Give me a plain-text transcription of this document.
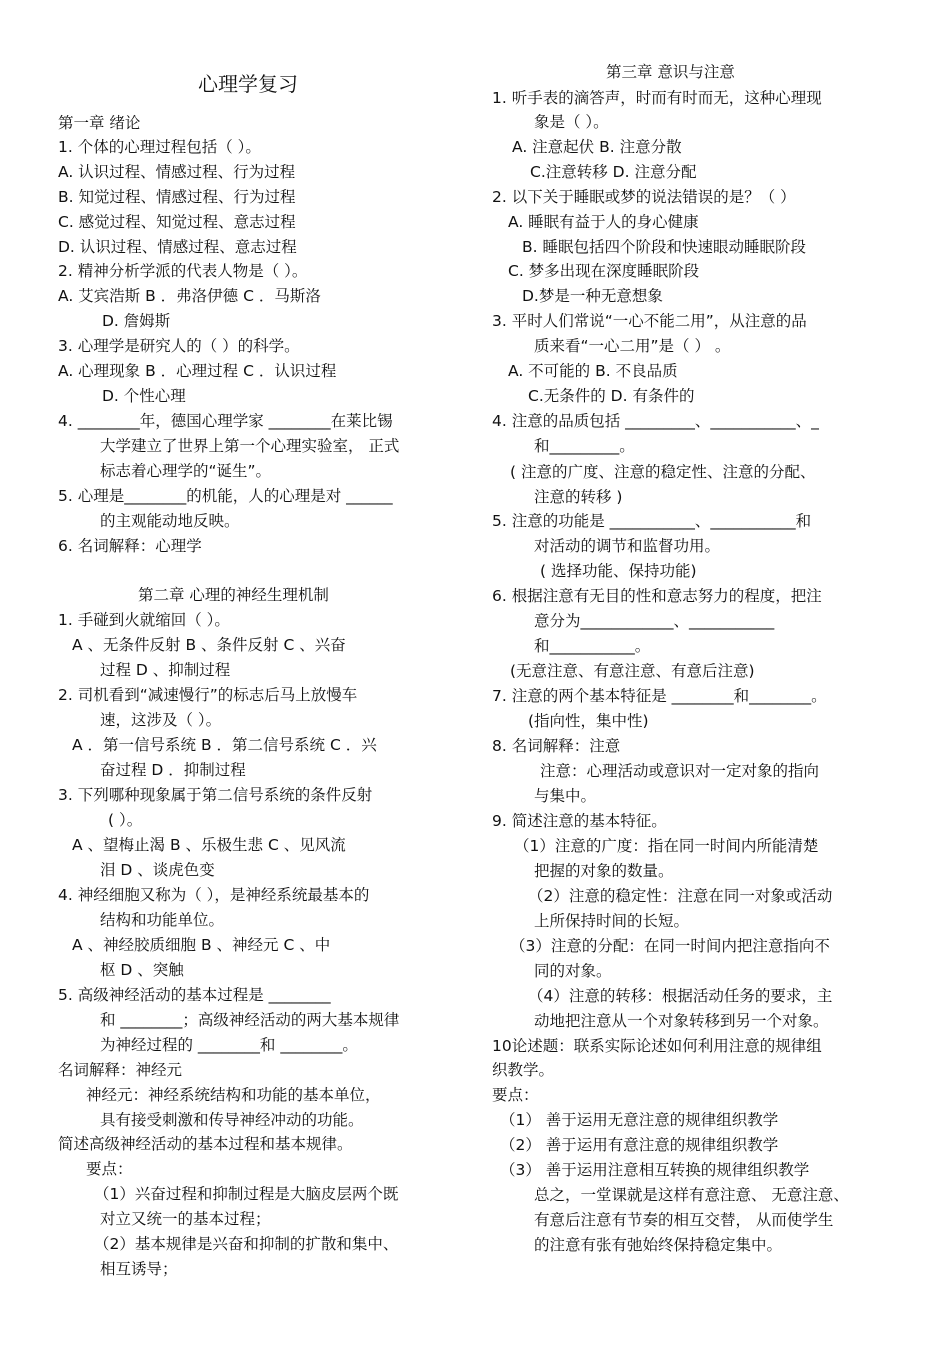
心理学复习
第一章 绪论
1. 个体的心理过程包括（ ）。
A. 认识过程、情感过程、行为过程
B. 知觉过程、情感过程、行为过程
C. 感觉过程、知觉过程、意志过程
D. 认识过程、情感过程、意志过程
2. 精神分析学派的代表人物是（ ）。
A. 艾宾浩斯 B ．弗洛伊德 C ．马斯洛
D. 詹姆斯
3. 心理学是研究人的（ ）的科学。
A. 心理现象 B ．心理过程 C ．认识过程
D. 个性心理
4. ________年，德国心理学家 ________在莱比锡
大学建立了世界上第一个心理实验室， 正式
标志着心理学的“诞生”。
5. 心理是________的机能，人的心理是对 ______
的主观能动地反映。
6. 名词解释：心理学
第二章 心理的神经生理机制
1. 手碰到火就缩回（ ）。
A 、无条件反射 B 、条件反射 C 、兴奋
过程 D 、抑制过程
2. 司机看到“减速慢行”的标志后马上放慢车
速，这涉及（ ）。
A ．第一信号系统 B ．第二信号系统 C ．兴
奋过程 D ．抑制过程
3. 下列哪种现象属于第二信号系统的条件反射
( ）。
A 、望梅止渴 B 、乐极生悲 C 、见风流
泪 D 、谈虎色变
4. 神经细胞又称为（ ），是神经系统最基本的
结构和功能单位。
A 、神经胶质细胞 B 、神经元 C 、中
枢 D 、突触
5. 高级神经活动的基本过程是 ________
和 ________；高级神经活动的两大基本规律
为神经过程的 ________和 ________。
名词解释：神经元
神经元：神经系统结构和功能的基本单位，
具有接受刺激和传导神经冲动的功能。
简述高级神经活动的基本过程和基本规律。
要点：
（1）兴奋过程和抑制过程是大脑皮层两个既
对立又统一的基本过程；
（2）基本规律是兴奋和抑制的扩散和集中、
相互诱导；
第三章 意识与注意
1. 听手表的滴答声，时而有时而无，这种心理现
象是（ ）。
A. 注意起伏 B. 注意分散
C.注意转移 D. 注意分配
2. 以下关于睡眠或梦的说法错误的是？（ ）
A. 睡眠有益于人的身心健康
B. 睡眠包括四个阶段和快速眼动睡眠阶段
C. 梦多出现在深度睡眠阶段
D.梦是一种无意想象
3. 平时人们常说“一心不能二用”，从注意的品
质来看“一心二用”是（ ） 。
A. 不可能的 B. 不良品质
C.无条件的 D. 有条件的
4. 注意的品质包括 _________、___________、_
和_________。
( 注意的广度、注意的稳定性、注意的分配、
注意的转移 )
5. 注意的功能是 ___________、___________和
对活动的调节和监督功用。
( 选择功能、保持功能)
6. 根据注意有无目的性和意志努力的程度，把注
意分为____________、___________
和___________。
(无意注意、有意注意、有意后注意)
7. 注意的两个基本特征是 ________和________。
(指向性，集中性)
8. 名词解释：注意
注意：心理活动或意识对一定对象的指向
与集中。
9. 简述注意的基本特征。
（1）注意的广度：指在同一时间内所能清楚
把握的对象的数量。
（2）注意的稳定性：注意在同一对象或活动
上所保持时间的长短。
（3）注意的分配：在同一时间内把注意指向不
同的对象。
（4）注意的转移：根据活动任务的要求，主
动地把注意从一个对象转移到另一个对象。
10论述题：联系实际论述如何利用注意的规律组
织教学。
要点：
（1） 善于运用无意注意的规律组织教学
（2） 善于运用有意注意的规律组织教学
（3） 善于运用注意相互转换的规律组织教学
总之，一堂课就是这样有意注意、 无意注意、
有意后注意有节奏的相互交替， 从而使学生
的注意有张有弛始终保持稳定集中。
